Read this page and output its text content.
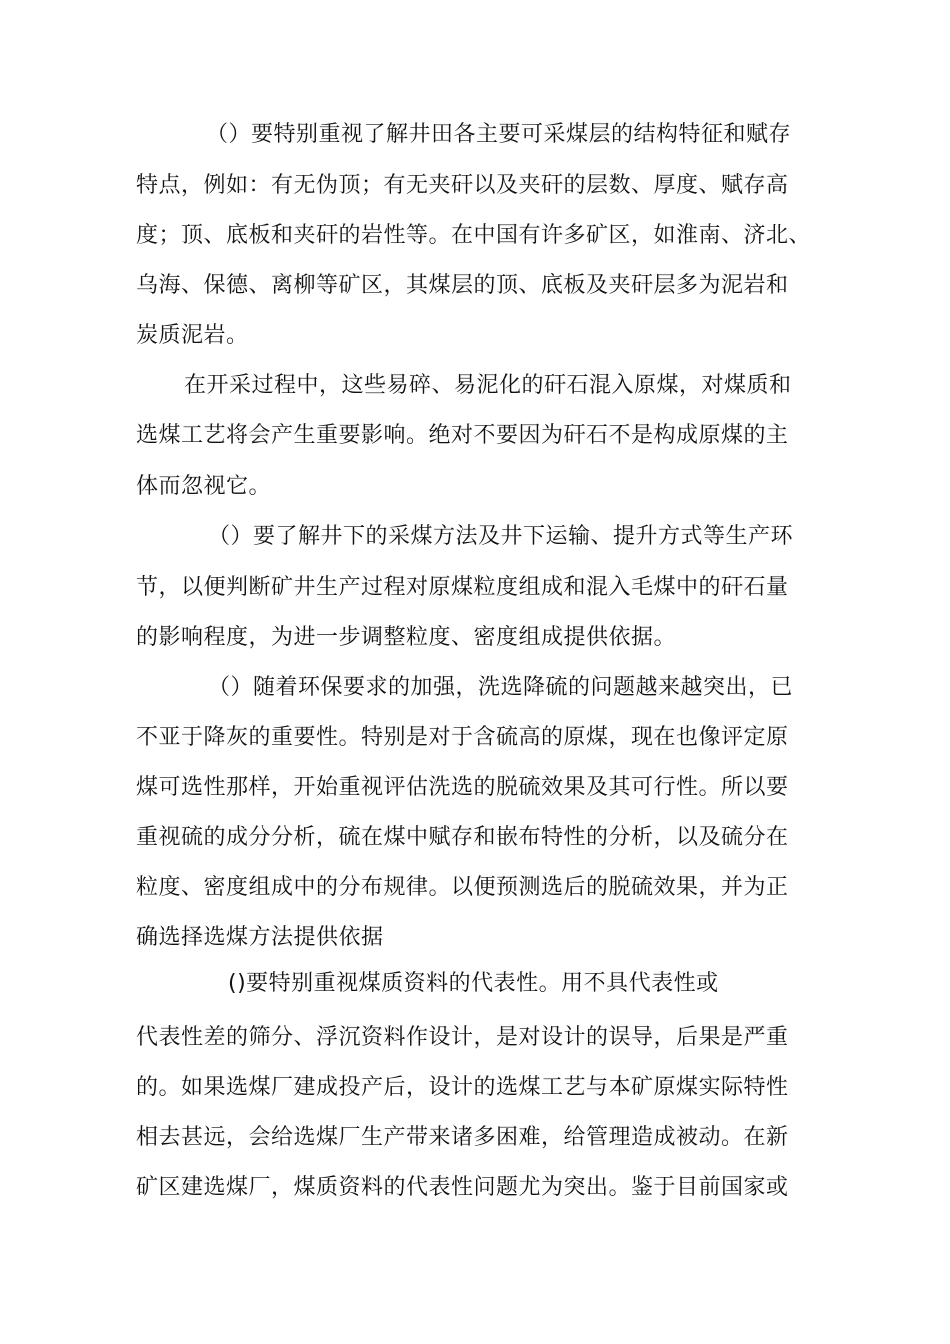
（）要特别重视了解井田各主要可采煤层的结构特征和赋存
特点，例如：有无伪顶；有无夹矸以及夹矸的层数、厚度、赋存高
度；顶、底板和夹矸的岩性等。在中国有许多矿区，如淮南、济北、
乌海、保德、离柳等矿区，其煤层的顶、底板及夹矸层多为泥岩和
炭质泥岩。
在开采过程中，这些易碎、易泥化的矸石混入原煤，对煤质和
选煤工艺将会产生重要影响。绝对不要因为矸石不是构成原煤的主
体而忽视它。
（）要了解井下的采煤方法及井下运输、提升方式等生产环
节，以便判断矿井生产过程对原煤粒度组成和混入毛煤中的矸石量
的影响程度，为进一步调整粒度、密度组成提供依据。
（）随着环保要求的加强，洗选降硫的问题越来越突出，已
不亚于降灰的重要性。特别是对于含硫高的原煤，现在也像评定原
煤可选性那样，开始重视评估洗选的脱硫效果及其可行性。所以要
重视硫的成分分析，硫在煤中赋存和嵌布特性的分析，以及硫分在
粒度、密度组成中的分布规律。以便预测选后的脱硫效果，并为正
确选择选煤方法提供依据
()要特别重视煤质资料的代表性。用不具代表性或
代表性差的筛分、浮沉资料作设计，是对设计的误导，后果是严重
的。如果选煤厂建成投产后，设计的选煤工艺与本矿原煤实际特性
相去甚远，会给选煤厂生产带来诸多困难，给管理造成被动。在新
矿区建选煤厂，煤质资料的代表性问题尤为突出。鉴于目前国家或
